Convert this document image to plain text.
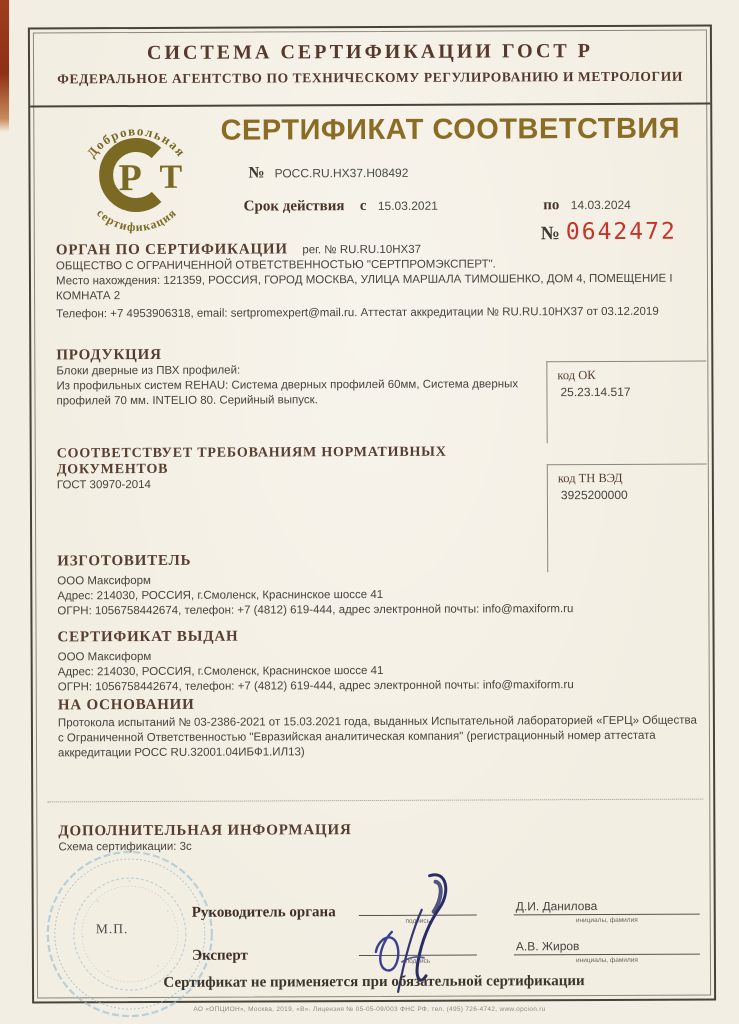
СИСТЕМА СЕРТИФИКАЦИИ ГОСТ Р
ФЕДЕРАЛЬНОЕ АГЕНТСТВО ПО ТЕХНИЧЕСКОМУ РЕГУЛИРОВАНИЮ И МЕТРОЛОГИИ
Добровольная
сертификация
Р Т
СЕРТИФИКАТ СООТВЕТСТВИЯ
№ РОСС.RU.НХ37.Н08492
Срок действия с 15.03.2021	по 14.03.2024
№ 0642472
ОРГАН ПО СЕРТИФИКАЦИИ рег. № RU.RU.10НХ37
ОБЩЕСТВО С ОГРАНИЧЕННОЙ ОТВЕТСТВЕННОСТЬЮ "СЕРТПРОМЭКСПЕРТ".
Место нахождения: 121359, РОССИЯ, ГОРОД МОСКВА, УЛИЦА МАРШАЛА ТИМОШЕНКО, ДОМ 4, ПОМЕЩЕНИЕ I
КОМНАТА 2
Телефон: +7 4953906318, email: sertpromexpert@mail.ru. Аттестат аккредитации № RU.RU.10НХ37 от 03.12.2019
ПРОДУКЦИЯ
Блоки дверные из ПВХ профилей:
Из профильных систем REHAU: Система дверных профилей 60мм, Система дверных
профилей 70 мм. INTELIO 80. Серийный выпуск.
код ОК
25.23.14.517
СООТВЕТСТВУЕТ ТРЕБОВАНИЯМ НОРМАТИВНЫХ ДОКУМЕНТОВ
ГОСТ 30970-2014	код ТН ВЭД
3925200000
ИЗГОТОВИТЕЛЬ
ООО Максиформ
Адрес: 214030, РОССИЯ, г.Смоленск, Краснинское шоссе 41
ОГРН: 1056758442674, телефон: +7 (4812) 619-444, адрес электронной почты: info@maxiform.ru
СЕРТИФИКАТ ВЫДАН
ООО Максиформ
Адрес: 214030, РОССИЯ, г.Смоленск, Краснинское шоссе 41
ОГРН: 1056758442674, телефон: +7 (4812) 619-444, адрес электронной почты: info@maxiform.ru
НА ОСНОВАНИИ
Протокола испытаний № 03-2386-2021 от 15.03.2021 года, выданных Испытательной лабораторией «ГЕРЦ» Общества с Ограниченной Ответственностью "Евразийская аналитическая компания" (регистрационный номер аттестата аккредитации РОСС RU.32001.04ИБФ1.ИЛ13)
ДОПОЛНИТЕЛЬНАЯ ИНФОРМАЦИЯ
Схема сертификации: 3с
М.П.
Руководитель органа
Эксперт
подпись
подпись
Д.И. Данилова
инициалы, фамилия
А.В. Жиров
инициалы, фамилия
Сертификат не применяется при обязательной сертификации
АО «ОПЦИОН», Москва, 2019, «В». Лицензия № 05-05-09/003 ФНС РФ, тел. (495) 726-4742, www.opcion.ru
